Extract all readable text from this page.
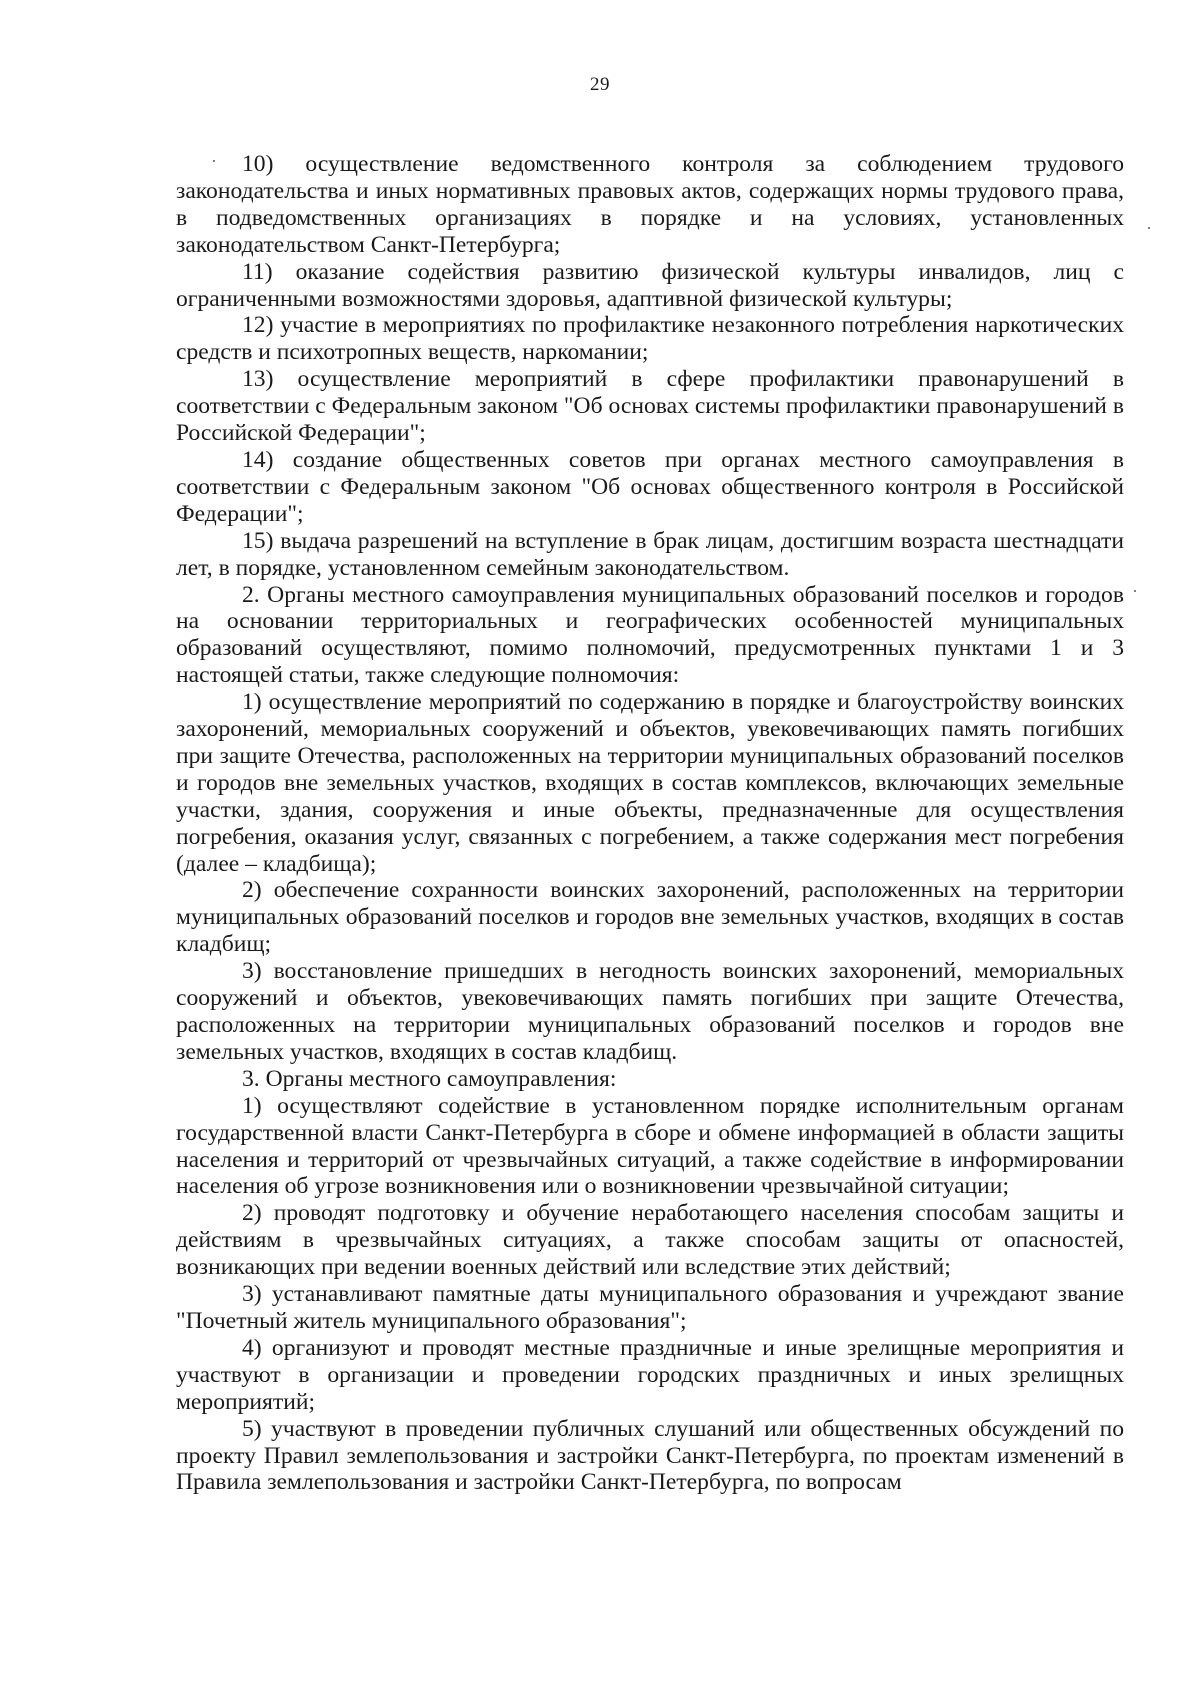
29

10) осуществление ведомственного контроля за соблюдением трудового законодательства и иных нормативных правовых актов, содержащих нормы трудового права, в подведомственных организациях в порядке и на условиях, установленных законодательством Санкт-Петербурга;

11) оказание содействия развитию физической культуры инвалидов, лиц с ограниченными возможностями здоровья, адаптивной физической культуры;

12) участие в мероприятиях по профилактике незаконного потребления наркотических средств и психотропных веществ, наркомании;

13) осуществление мероприятий в сфере профилактики правонарушений в соответствии с Федеральным законом "Об основах системы профилактики правонарушений в Российской Федерации";

14) создание общественных советов при органах местного самоуправления в соответствии с Федеральным законом "Об основах общественного контроля в Российской Федерации";

15) выдача разрешений на вступление в брак лицам, достигшим возраста шестнадцати лет, в порядке, установленном семейным законодательством.

2. Органы местного самоуправления муниципальных образований поселков и городов на основании территориальных и географических особенностей муниципальных образований осуществляют, помимо полномочий, предусмотренных пунктами 1 и 3 настоящей статьи, также следующие полномочия:

1) осуществление мероприятий по содержанию в порядке и благоустройству воинских захоронений, мемориальных сооружений и объектов, увековечивающих память погибших при защите Отечества, расположенных на территории муниципальных образований поселков и городов вне земельных участков, входящих в состав комплексов, включающих земельные участки, здания, сооружения и иные объекты, предназначенные для осуществления погребения, оказания услуг, связанных с погребением, а также содержания мест погребения (далее – кладбища);

2) обеспечение сохранности воинских захоронений, расположенных на территории муниципальных образований поселков и городов вне земельных участков, входящих в состав кладбищ;

3) восстановление пришедших в негодность воинских захоронений, мемориальных сооружений и объектов, увековечивающих память погибших при защите Отечества, расположенных на территории муниципальных образований поселков и городов вне земельных участков, входящих в состав кладбищ.

3. Органы местного самоуправления:

1) осуществляют содействие в установленном порядке исполнительным органам государственной власти Санкт-Петербурга в сборе и обмене информацией в области защиты населения и территорий от чрезвычайных ситуаций, а также содействие в информировании населения об угрозе возникновения или о возникновении чрезвычайной ситуации;

2) проводят подготовку и обучение неработающего населения способам защиты и действиям в чрезвычайных ситуациях, а также способам защиты от опасностей, возникающих при ведении военных действий или вследствие этих действий;

3) устанавливают памятные даты муниципального образования и учреждают звание "Почетный житель муниципального образования";

4) организуют и проводят местные праздничные и иные зрелищные мероприятия и участвуют в организации и проведении городских праздничных и иных зрелищных мероприятий;

5) участвуют в проведении публичных слушаний или общественных обсуждений по проекту Правил землепользования и застройки Санкт-Петербурга, по проектам изменений в Правила землепользования и застройки Санкт-Петербурга, по вопросам
